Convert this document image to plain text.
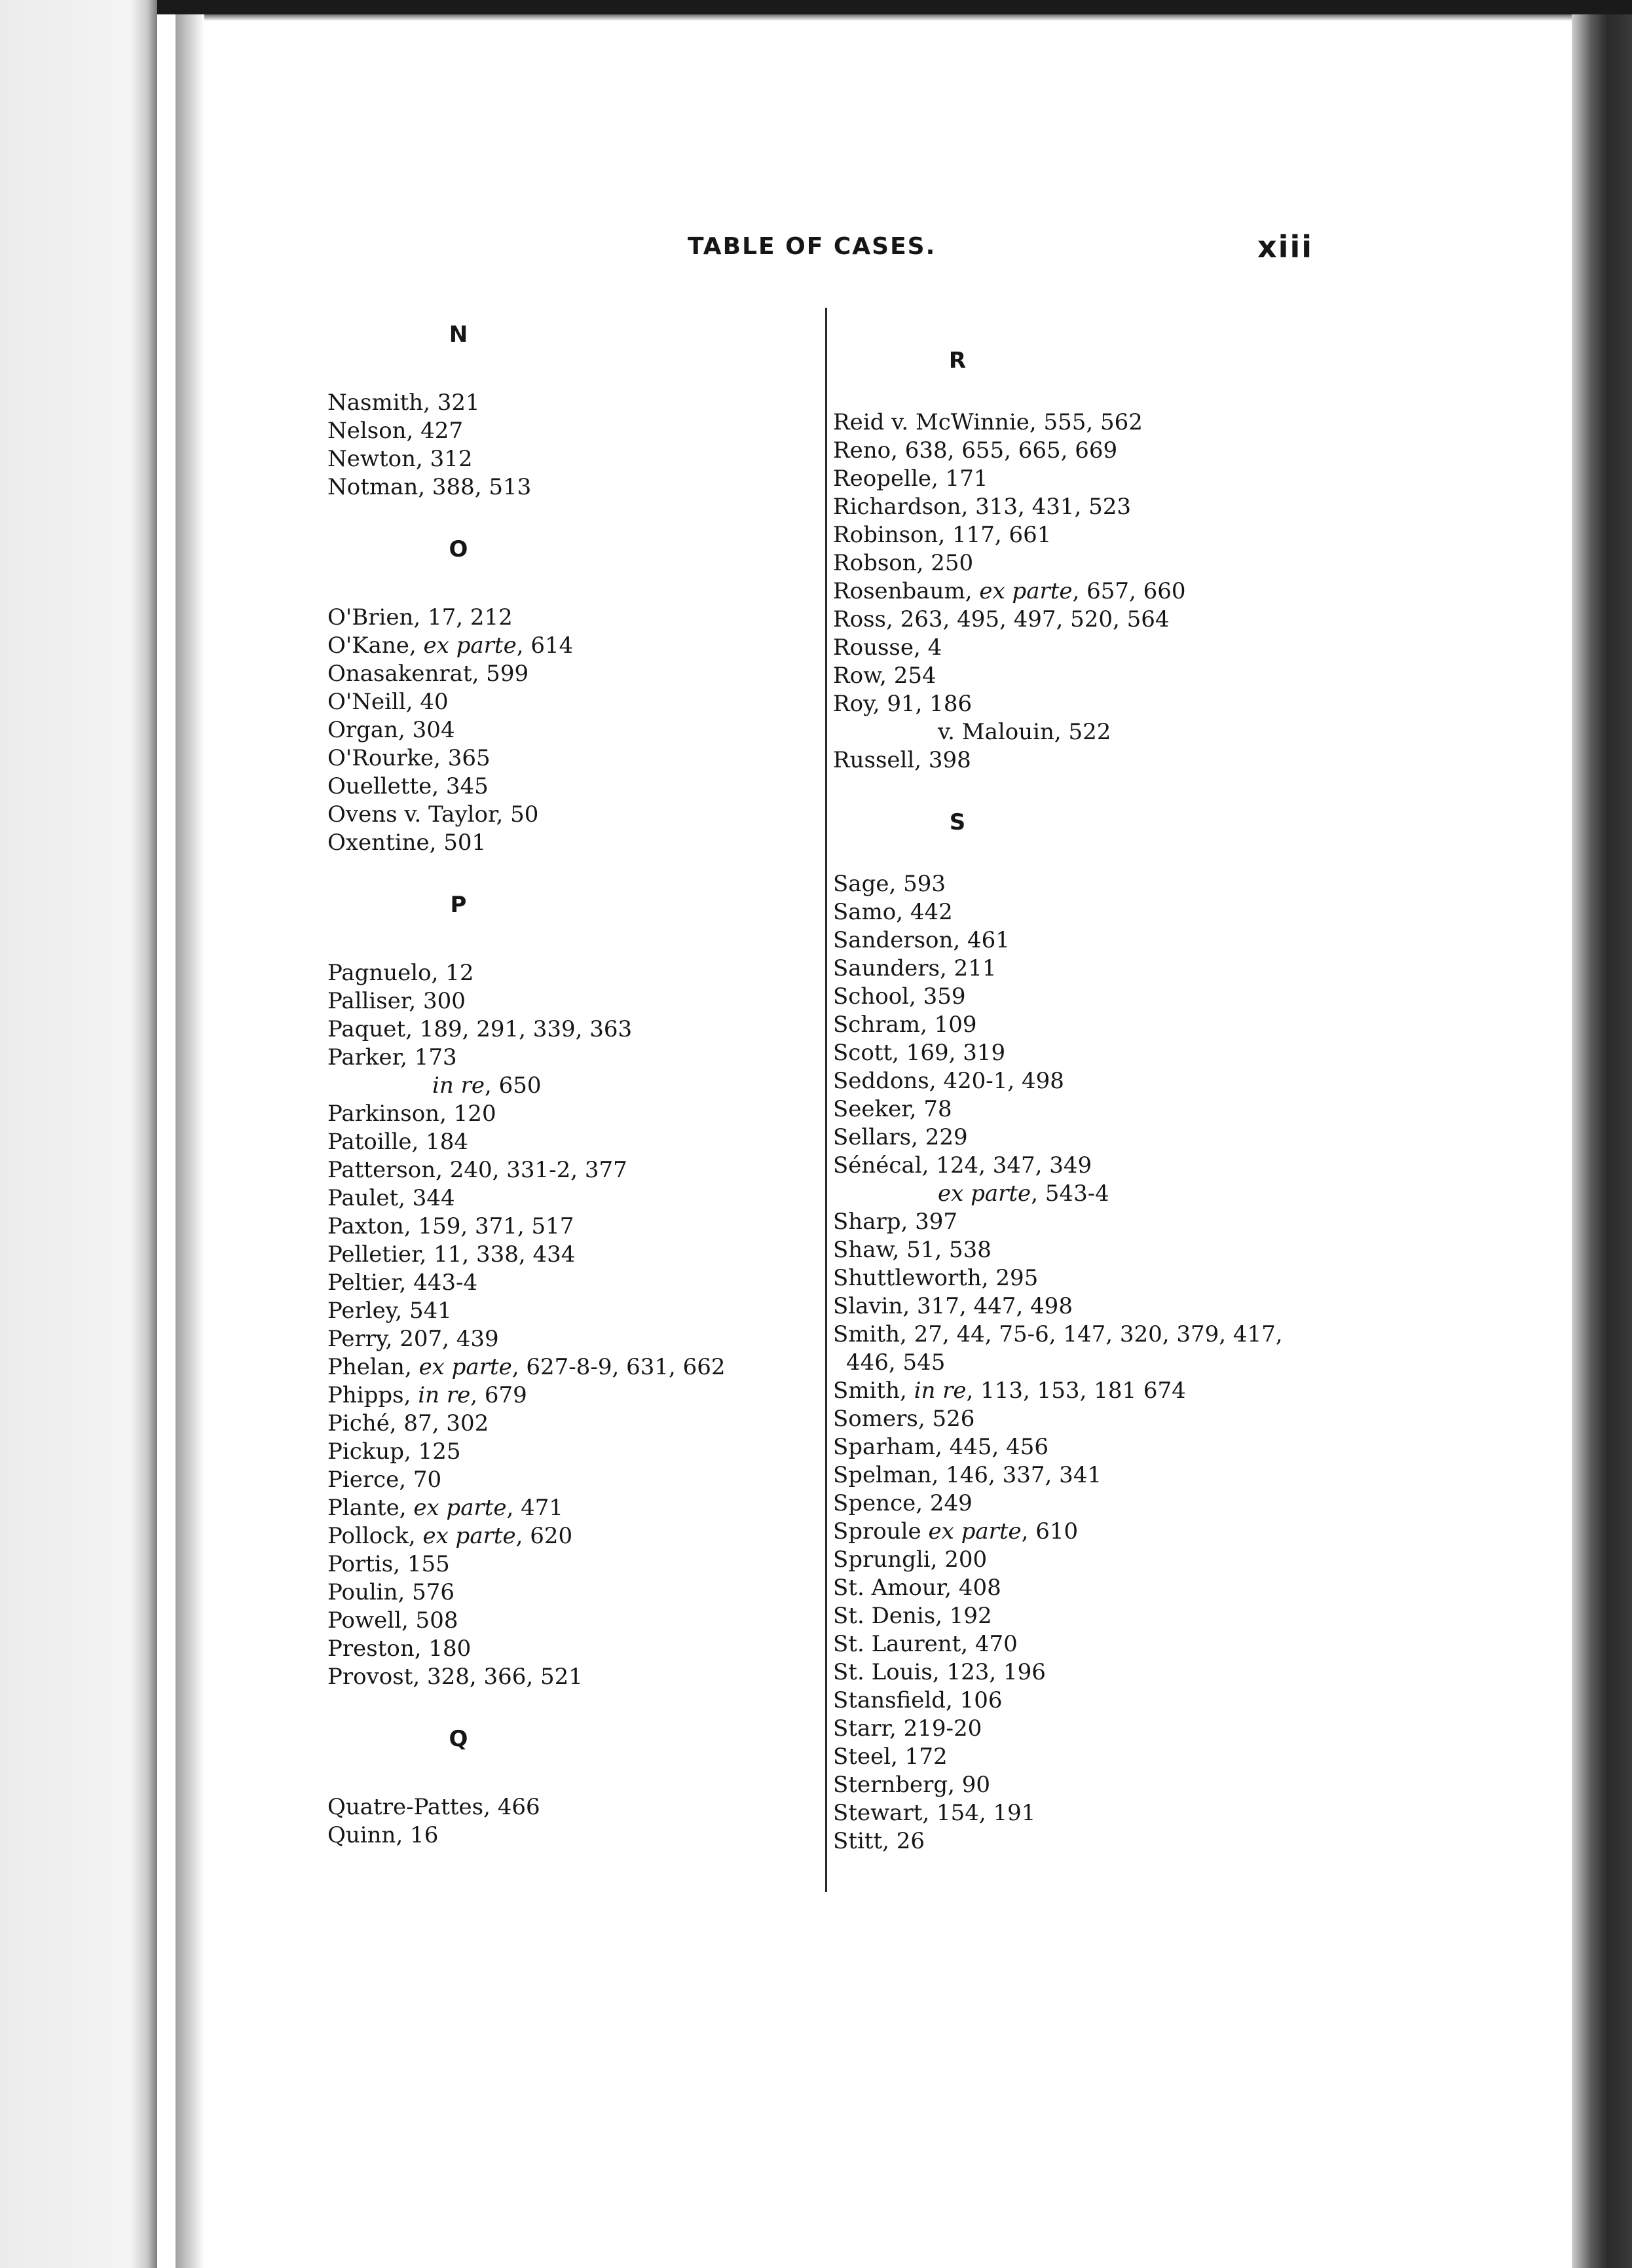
TABLE OF CASES.	xiii
N
Nasmith, 321
Nelson, 427
Newton, 312
Notman, 388, 513
O
O'Brien, 17, 212
O'Kane, ex parte, 614
Onasakenrat, 599
O'Neill, 40
Organ, 304
O'Rourke, 365
Ouellette, 345
Ovens v. Taylor, 50
Oxentine, 501
P
Pagnuelo, 12
Palliser, 300
Paquet, 189, 291, 339, 363
Parker, 173
in re, 650
Parkinson, 120
Patoille, 184
Patterson, 240, 331-2, 377
Paulet, 344
Paxton, 159, 371, 517
Pelletier, 11, 338, 434
Peltier, 443-4
Perley, 541
Perry, 207, 439
Phelan, ex parte, 627-8-9, 631, 662
Phipps, in re, 679
Piché, 87, 302
Pickup, 125
Pierce, 70
Plante, ex parte, 471
Pollock, ex parte, 620
Portis, 155
Poulin, 576
Powell, 508
Preston, 180
Provost, 328, 366, 521
Q
Quatre-Pattes, 466
Quinn, 16
R
Reid v. McWinnie, 555, 562
Reno, 638, 655, 665, 669
Reopelle, 171
Richardson, 313, 431, 523
Robinson, 117, 661
Robson, 250
Rosenbaum, ex parte, 657, 660
Ross, 263, 495, 497, 520, 564
Rousse, 4
Row, 254
Roy, 91, 186
v. Malouin, 522
Russell, 398
S
Sage, 593
Samo, 442
Sanderson, 461
Saunders, 211
School, 359
Schram, 109
Scott, 169, 319
Seddons, 420-1, 498
Seeker, 78
Sellars, 229
Sénécal, 124, 347, 349
ex parte, 543-4
Sharp, 397
Shaw, 51, 538
Shuttleworth, 295
Slavin, 317, 447, 498
Smith, 27, 44, 75-6, 147, 320, 379, 417,
446, 545
Smith, in re, 113, 153, 181 674
Somers, 526
Sparham, 445, 456
Spelman, 146, 337, 341
Spence, 249
Sproule ex parte, 610
Sprungli, 200
St. Amour, 408
St. Denis, 192
St. Laurent, 470
St. Louis, 123, 196
Stansfield, 106
Starr, 219-20
Steel, 172
Sternberg, 90
Stewart, 154, 191
Stitt, 26
